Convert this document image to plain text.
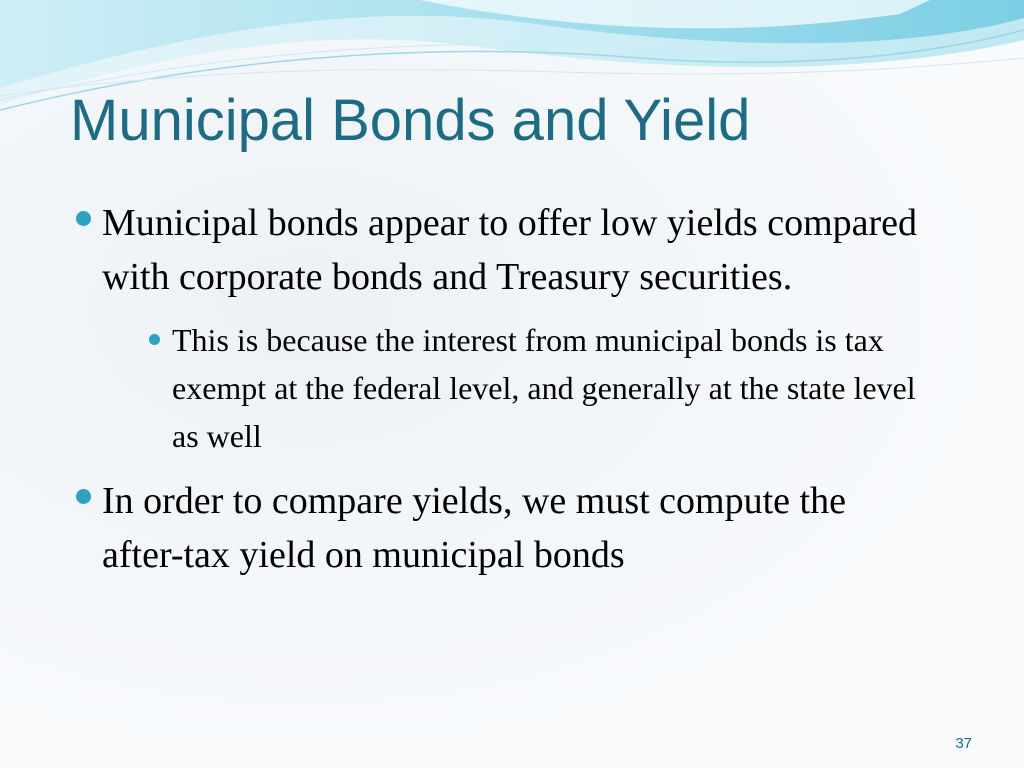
Municipal Bonds and Yield
Municipal bonds appear to offer low yields compared with corporate bonds and Treasury securities.
This is because the interest from municipal bonds is tax exempt at the federal level, and generally at the state level as well
In order to compare yields, we must compute the after-tax yield on municipal bonds
37
